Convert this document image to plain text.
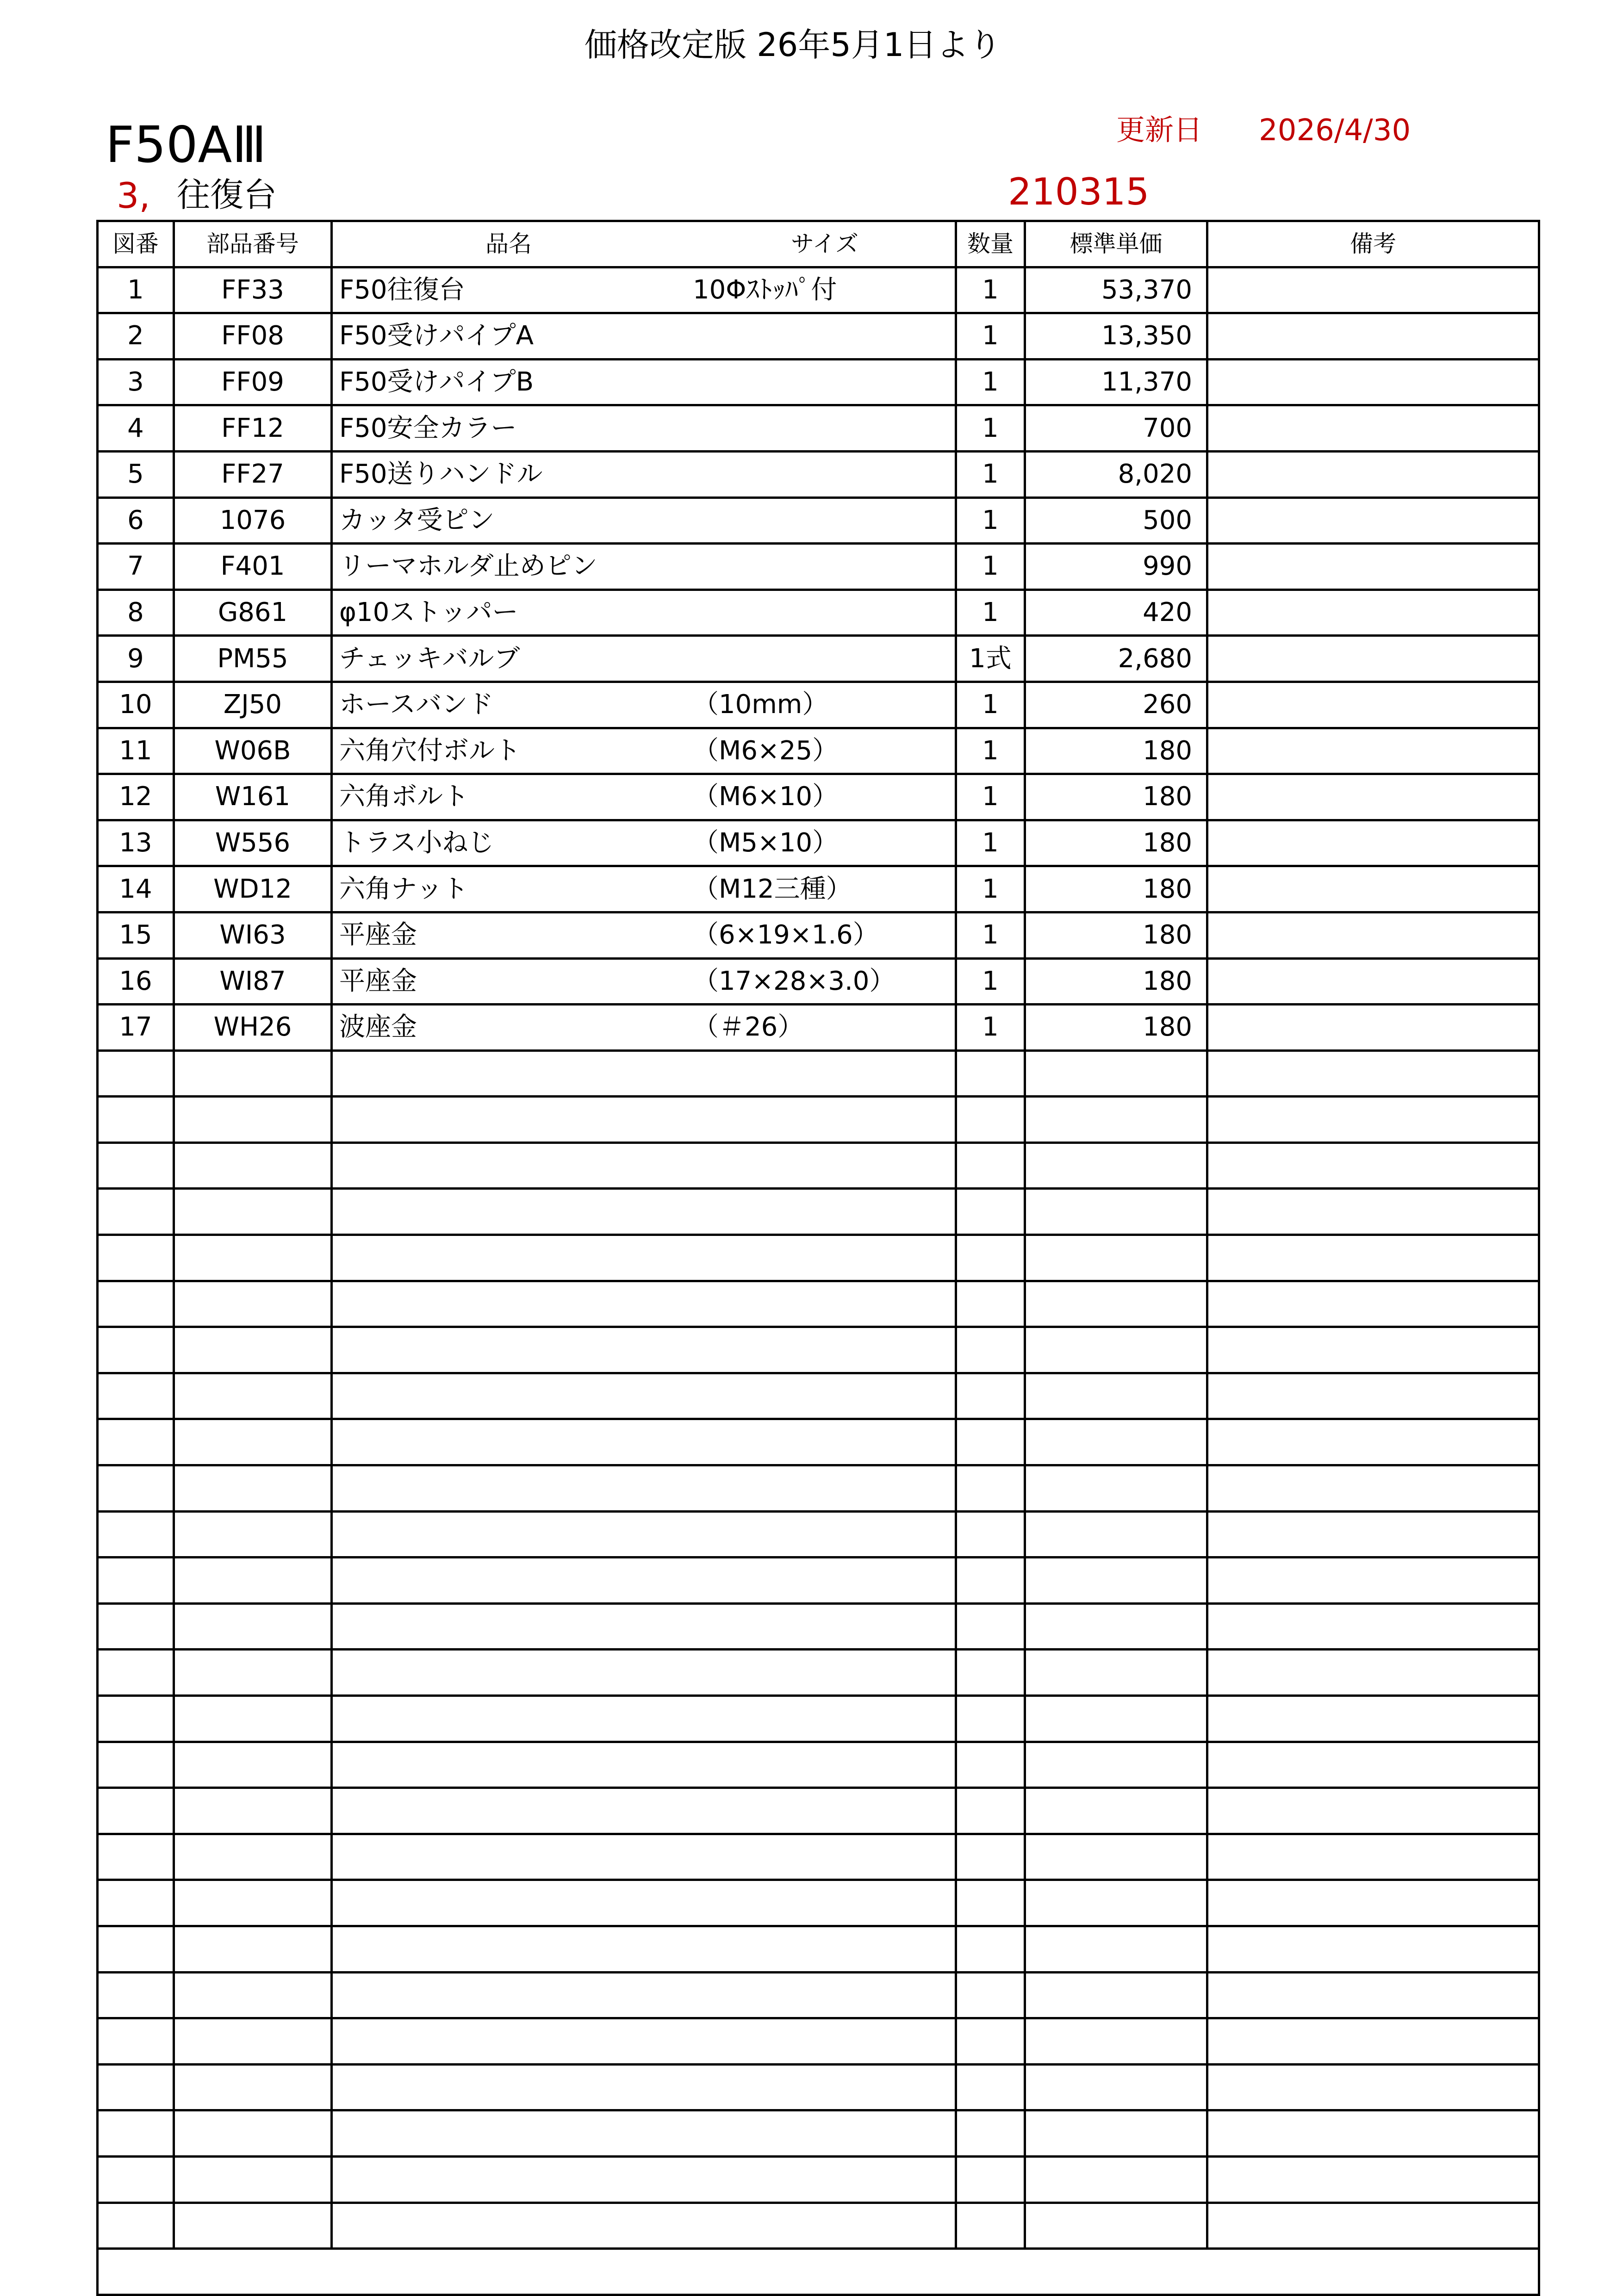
価格改定版 26年5月1日より
F50AⅢ	更新日 2026/4/30
3, 往復台	210315
図番	部品番号	品名 サイズ	数量	標準単価	備考
1	FF33	F50往復台 10Φｽﾄｯﾊﾟ付	1	53,370	
2	FF08	F50受けパイプA	1	13,350	
3	FF09	F50受けパイプB	1	11,370	
4	FF12	F50安全カラー	1	700	
5	FF27	F50送りハンドル	1	8,020	
6	1076	カッタ受ピン	1	500	
7	F401	リーマホルダ止めピン	1	990	
8	G861	φ10ストッパー	1	420	
9	PM55	チェッキバルブ	1式	2,680	
10	ZJ50	ホースバンド （10mm）	1	260	
11	W06B	六角穴付ボルト （M6×25）	1	180	
12	W161	六角ボルト （M6×10）	1	180	
13	W556	トラス小ねじ （M5×10）	1	180	
14	WD12	六角ナット （M12三種）	1	180	
15	WI63	平座金 （6×19×1.6）	1	180	
16	WI87	平座金 （17×28×3.0）	1	180	
17	WH26	波座金 （＃26）	1	180	
